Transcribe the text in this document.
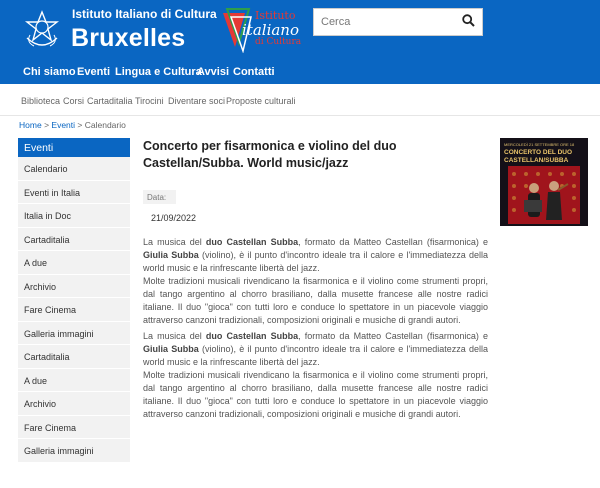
Istituto Italiano di Cultura
Bruxelles
Istituto
italiano
di Cultura
Cerca
Chi siamo Eventi Lingua e Cultura
Avvisi Contatti
Biblioteca Corsi Cartaditalia Tirocini Diventare soci Proposte culturali
Home > Eventi > Calendario
Eventi
Calendario
Eventi in Italia
Italia in Doc
Cartaditalia
A due
Archivio
Fare Cinema
Galleria immagini
Cartaditalia
A due
Archivio
Fare Cinema
Galleria immagini
Concerto per fisarmonica e violino del duo Castellan/Subba. World music/jazz
Data:
21/09/2022

La musica del duo Castellan Subba, formato da Matteo Castellan (fisarmonica) e Giulia Subba (violino), è il punto d'incontro ideale tra il calore e l'immediatezza della world music e la rinfrescante libertà del jazz.

Molte tradizioni musicali rivendicano la fisarmonica e il violino come strumenti propri, dal tango argentino al chorro brasiliano, dalla musette francese alle nostre radici italiane. Il duo "gioca" con tutti loro e conduce lo spettatore in un piacevole viaggio attraverso canzoni tradizionali, composizioni originali e musiche di grandi autori.

La musica del duo Castellan Subba, formato da Matteo Castellan (fisarmonica) e Giulia Subba (violino), è il punto d'incontro ideale tra il calore e l'immediatezza della world music e la rinfrescante libertà del jazz.

Molte tradizioni musicali rivendicano la fisarmonica e il violino come strumenti propri, dal tango argentino al chorro brasiliano, dalla musette francese alle nostre radici italiane. Il duo "gioca" con tutti loro e conduce lo spettatore in un piacevole viaggio attraverso canzoni tradizionali, composizioni originali e musiche di grandi autori.

MERCOLEDÌ 21 SETTEMBRE ORE 18
CONCERTO DEL DUO
CASTELLAN/SUBBA
